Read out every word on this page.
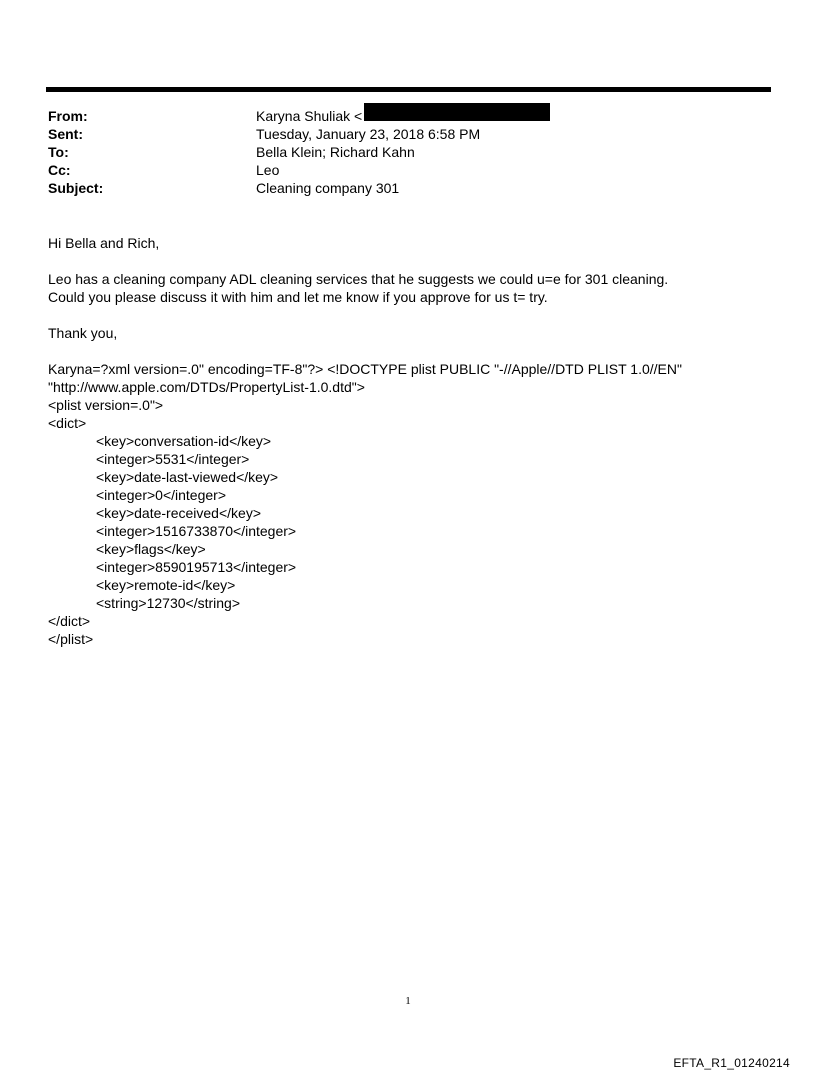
From:	Karyna Shuliak <
Sent:	Tuesday, January 23, 2018 6:58 PM
To:	Bella Klein; Richard Kahn
Cc:	Leo
Subject:	Cleaning company 301

Hi Bella and Rich,

Leo has a cleaning company ADL cleaning services that he suggests we could u=e for 301 cleaning.

Could you please discuss it with him and let me know if you approve for us t= try.

Thank you,

Karyna=?xml version=.0" encoding=TF-8"?> <!DOCTYPE plist PUBLIC "-//Apple//DTD PLIST 1.0//EN"

"http://www.apple.com/DTDs/PropertyList-1.0.dtd">

<plist version=.0">

<dict>

<key>conversation-id</key>

<integer>5531</integer>

<key>date-last-viewed</key>

<integer>0</integer>

<key>date-received</key>

<integer>1516733870</integer>

<key>flags</key>

<integer>8590195713</integer>

<key>remote-id</key>

<string>12730</string>

</dict>

</plist>

1
EFTA_R1_01240214
